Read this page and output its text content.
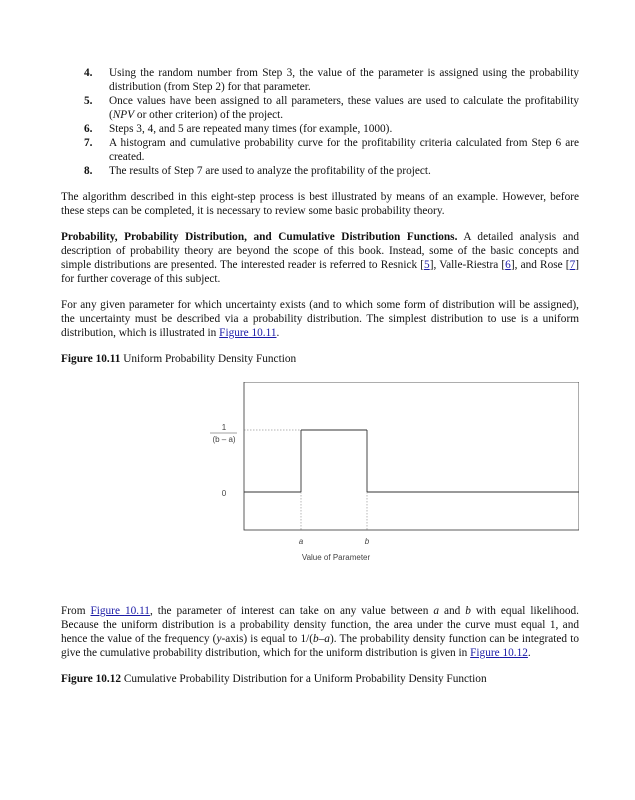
4. Using the random number from Step 3, the value of the parameter is assigned using the probability distribution (from Step 2) for that parameter.
5. Once values have been assigned to all parameters, these values are used to calculate the profitability (NPV or other criterion) of the project.
6. Steps 3, 4, and 5 are repeated many times (for example, 1000).
7. A histogram and cumulative probability curve for the profitability criteria calculated from Step 6 are created.
8. The results of Step 7 are used to analyze the profitability of the project.

The algorithm described in this eight-step process is best illustrated by means of an example. However, before these steps can be completed, it is necessary to review some basic probability theory.

Probability, Probability Distribution, and Cumulative Distribution Functions. A detailed analysis and description of probability theory are beyond the scope of this book. Instead, some of the basic concepts and simple distributions are presented. The interested reader is referred to Resnick [5], Valle-Riestra [6], and Rose [7] for further coverage of this subject.

For any given parameter for which uncertainty exists (and to which some form of distribution will be assigned), the uncertainty must be described via a probability distribution. The simplest distribution to use is a uniform distribution, which is illustrated in Figure 10.11.

Figure 10.11 Uniform Probability Density Function

1
(b – a)
0
a	b
Value of Parameter

From Figure 10.11, the parameter of interest can take on any value between a and b with equal likelihood. Because the uniform distribution is a probability density function, the area under the curve must equal 1, and hence the value of the frequency (y-axis) is equal to 1/(b–a). The probability density function can be integrated to give the cumulative probability distribution, which for the uniform distribution is given in Figure 10.12.

Figure 10.12 Cumulative Probability Distribution for a Uniform Probability Density Function
